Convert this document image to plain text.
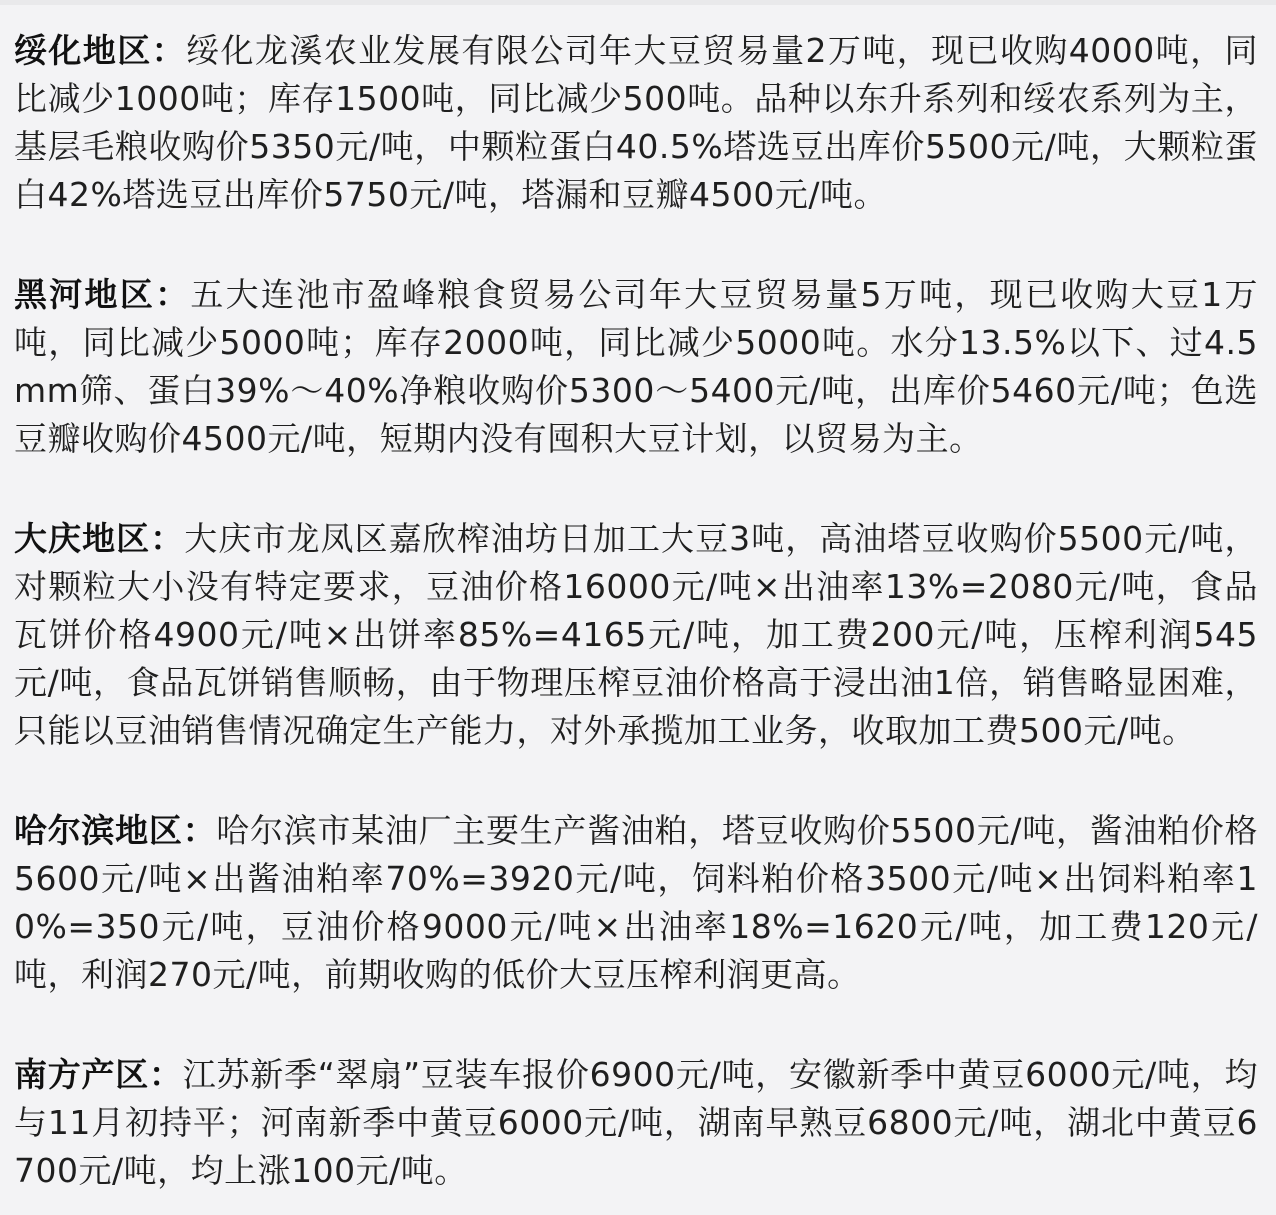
绥化地区：绥化龙溪农业发展有限公司年大豆贸易量2万吨，现已收购4000吨，同比减少1000吨；库存1500吨，同比减少500吨。品种以东升系列和绥农系列为主，基层毛粮收购价5350元/吨，中颗粒蛋白40.5%塔选豆出库价5500元/吨，大颗粒蛋白42%塔选豆出库价5750元/吨，塔漏和豆瓣4500元/吨。

黑河地区：五大连池市盈峰粮食贸易公司年大豆贸易量5万吨，现已收购大豆1万吨，同比减少5000吨；库存2000吨，同比减少5000吨。水分13.5%以下、过4.5mm筛、蛋白39%～40%净粮收购价5300～5400元/吨，出库价5460元/吨；色选豆瓣收购价4500元/吨，短期内没有囤积大豆计划，以贸易为主。

大庆地区：大庆市龙凤区嘉欣榨油坊日加工大豆3吨，高油塔豆收购价5500元/吨，对颗粒大小没有特定要求，豆油价格16000元/吨×出油率13%=2080元/吨，食品瓦饼价格4900元/吨×出饼率85%=4165元/吨，加工费200元/吨，压榨利润545元/吨，食品瓦饼销售顺畅，由于物理压榨豆油价格高于浸出油1倍，销售略显困难，只能以豆油销售情况确定生产能力，对外承揽加工业务，收取加工费500元/吨。

哈尔滨地区：哈尔滨市某油厂主要生产酱油粕，塔豆收购价5500元/吨，酱油粕价格5600元/吨×出酱油粕率70%=3920元/吨，饲料粕价格3500元/吨×出饲料粕率10%=350元/吨，豆油价格9000元/吨×出油率18%=1620元/吨，加工费120元/吨，利润270元/吨，前期收购的低价大豆压榨利润更高。

南方产区：江苏新季“翠扇”豆装车报价6900元/吨，安徽新季中黄豆6000元/吨，均与11月初持平；河南新季中黄豆6000元/吨，湖南早熟豆6800元/吨，湖北中黄豆6700元/吨，均上涨100元/吨。
